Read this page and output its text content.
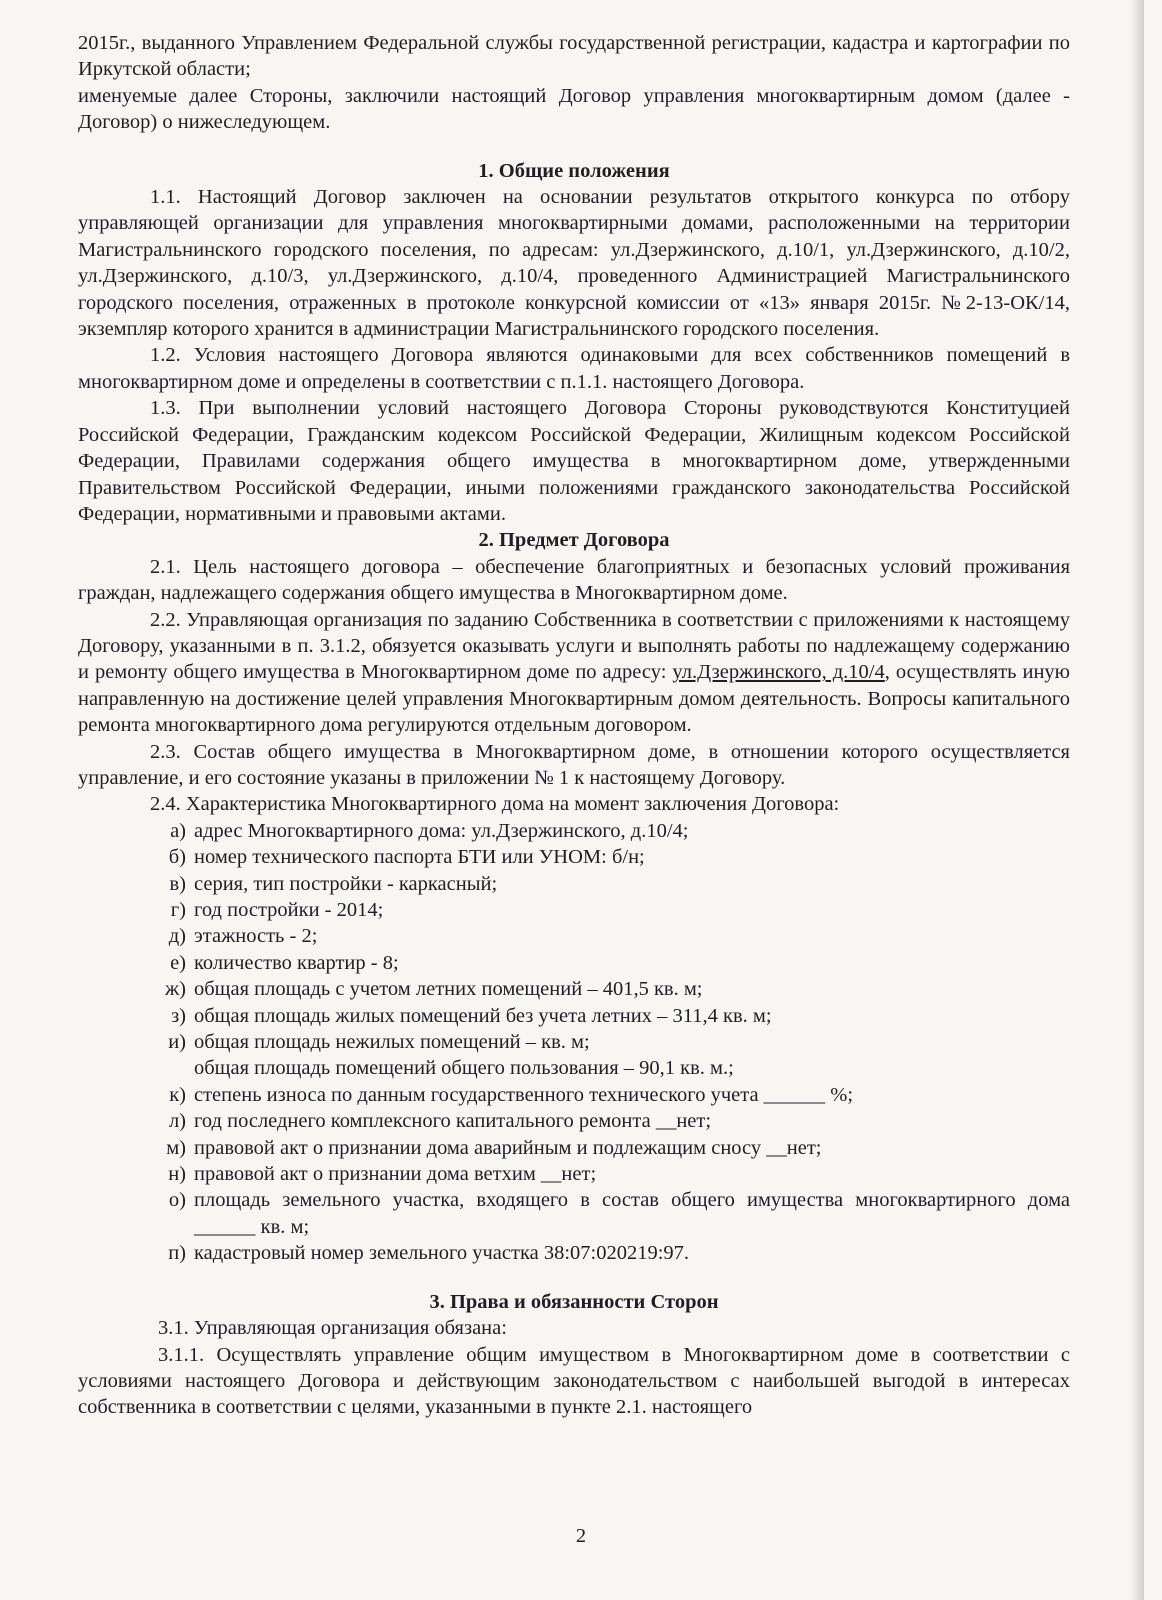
2015г., выданного Управлением Федеральной службы государственной регистрации, кадастра и картографии по Иркутской области;

именуемые далее Стороны, заключили настоящий Договор управления многоквартирным домом (далее - Договор) о нижеследующем.

1. Общие положения

1.1. Настоящий Договор заключен на основании результатов открытого конкурса по отбору управляющей организации для управления многоквартирными домами, расположенными на территории Магистральнинского городского поселения, по адресам: ул.Дзержинского, д.10/1, ул.Дзержинского, д.10/2, ул.Дзержинского, д.10/3, ул.Дзержинского, д.10/4, проведенного Администрацией Магистральнинского городского поселения, отраженных в протоколе конкурсной комиссии от «13» января 2015г. №2-13-ОК/14, экземпляр которого хранится в администрации Магистральнинского городского поселения.

1.2. Условия настоящего Договора являются одинаковыми для всех собственников помещений в многоквартирном доме и определены в соответствии с п.1.1. настоящего Договора.

1.3. При выполнении условий настоящего Договора Стороны руководствуются Конституцией Российской Федерации, Гражданским кодексом Российской Федерации, Жилищным кодексом Российской Федерации, Правилами содержания общего имущества в многоквартирном доме, утвержденными Правительством Российской Федерации, иными положениями гражданского законодательства Российской Федерации, нормативными и правовыми актами.

2. Предмет Договора

2.1. Цель настоящего договора – обеспечение благоприятных и безопасных условий проживания граждан, надлежащего содержания общего имущества в Многоквартирном доме.

2.2. Управляющая организация по заданию Собственника в соответствии с приложениями к настоящему Договору, указанными в п. 3.1.2, обязуется оказывать услуги и выполнять работы по надлежащему содержанию и ремонту общего имущества в Многоквартирном доме по адресу: ул.Дзержинского, д.10/4, осуществлять иную направленную на достижение целей управления Многоквартирным домом деятельность. Вопросы капитального ремонта многоквартирного дома регулируются отдельным договором.

2.3. Состав общего имущества в Многоквартирном доме, в отношении которого осуществляется управление, и его состояние указаны в приложении № 1 к настоящему Договору.

2.4. Характеристика Многоквартирного дома на момент заключения Договора:

а) адрес Многоквартирного дома: ул.Дзержинского, д.10/4;
б) номер технического паспорта БТИ или УНОМ: б/н;
в) серия, тип постройки - каркасный;
г) год постройки - 2014;
д) этажность - 2;
е) количество квартир - 8;
ж) общая площадь с учетом летних помещений – 401,5 кв. м;
з) общая площадь жилых помещений без учета летних – 311,4 кв. м;
и) общая площадь нежилых помещений – кв. м;
общая площадь помещений общего пользования – 90,1 кв. м.;
к) степень износа по данным государственного технического учета ______ %;
л) год последнего комплексного капитального ремонта __нет;
м) правовой акт о признании дома аварийным и подлежащим сносу __нет;
н) правовой акт о признании дома ветхим __нет;
о) площадь земельного участка, входящего в состав общего имущества многоквартирного дома ______ кв. м;
п) кадастровый номер земельного участка 38:07:020219:97.
3. Права и обязанности Сторон

3.1. Управляющая организация обязана:

3.1.1. Осуществлять управление общим имуществом в Многоквартирном доме в соответствии с условиями настоящего Договора и действующим законодательством с наибольшей выгодой в интересах собственника в соответствии с целями, указанными в пункте 2.1. настоящего

2
